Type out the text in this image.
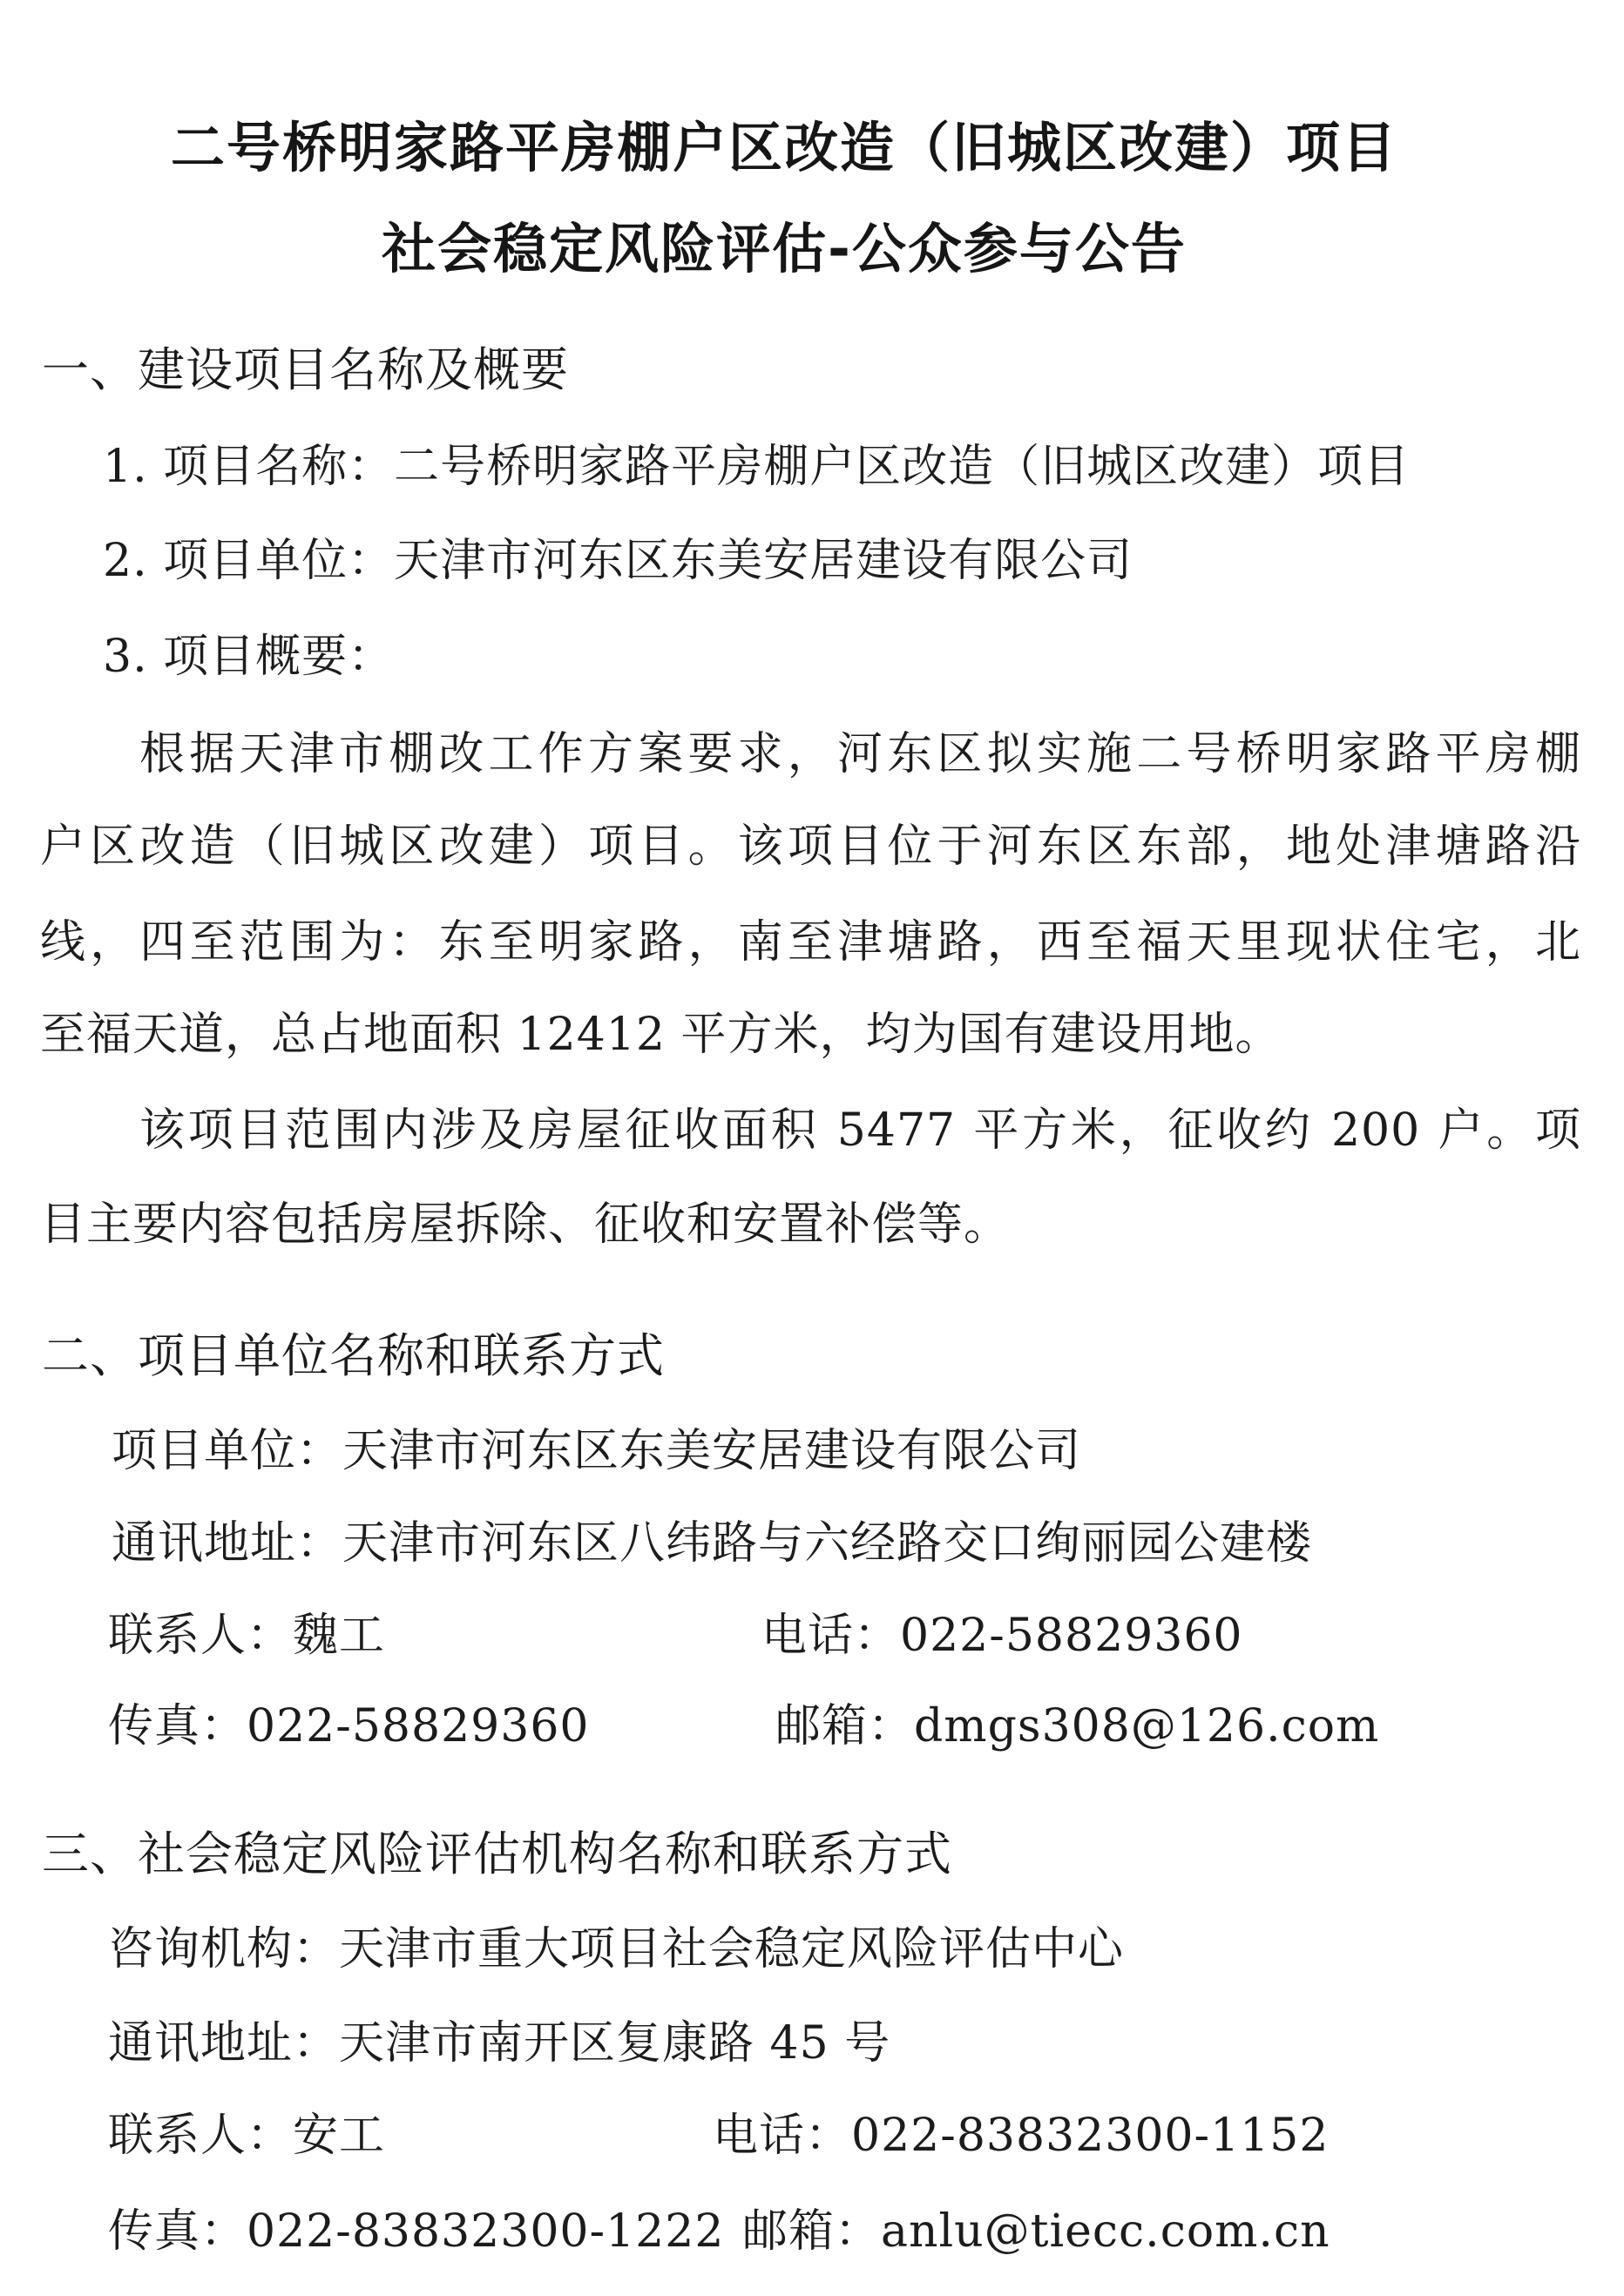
二号桥明家路平房棚户区改造（旧城区改建）项目
社会稳定风险评估-公众参与公告
一、建设项目名称及概要
1. 项目名称：二号桥明家路平房棚户区改造（旧城区改建）项目
2. 项目单位：天津市河东区东美安居建设有限公司
3. 项目概要：
根据天津市棚改工作方案要求，河东区拟实施二号桥明家路平房棚
户区改造（旧城区改建）项目。该项目位于河东区东部，地处津塘路沿
线，四至范围为：东至明家路，南至津塘路，西至福天里现状住宅，北
至福天道，总占地面积 12412 平方米，均为国有建设用地。
该项目范围内涉及房屋征收面积 5477 平方米，征收约 200 户。项
目主要内容包括房屋拆除、征收和安置补偿等。
二、项目单位名称和联系方式
项目单位：天津市河东区东美安居建设有限公司
通讯地址：天津市河东区八纬路与六经路交口绚丽园公建楼
联系人：魏工	电话：022-58829360
传真：022-58829360	邮箱：dmgs308@126.com
三、社会稳定风险评估机构名称和联系方式
咨询机构：天津市重大项目社会稳定风险评估中心
通讯地址：天津市南开区复康路 45 号
联系人：安工	电话：022-83832300-1152
传真：022-83832300-1222 邮箱：anlu@tiecc.com.cn
